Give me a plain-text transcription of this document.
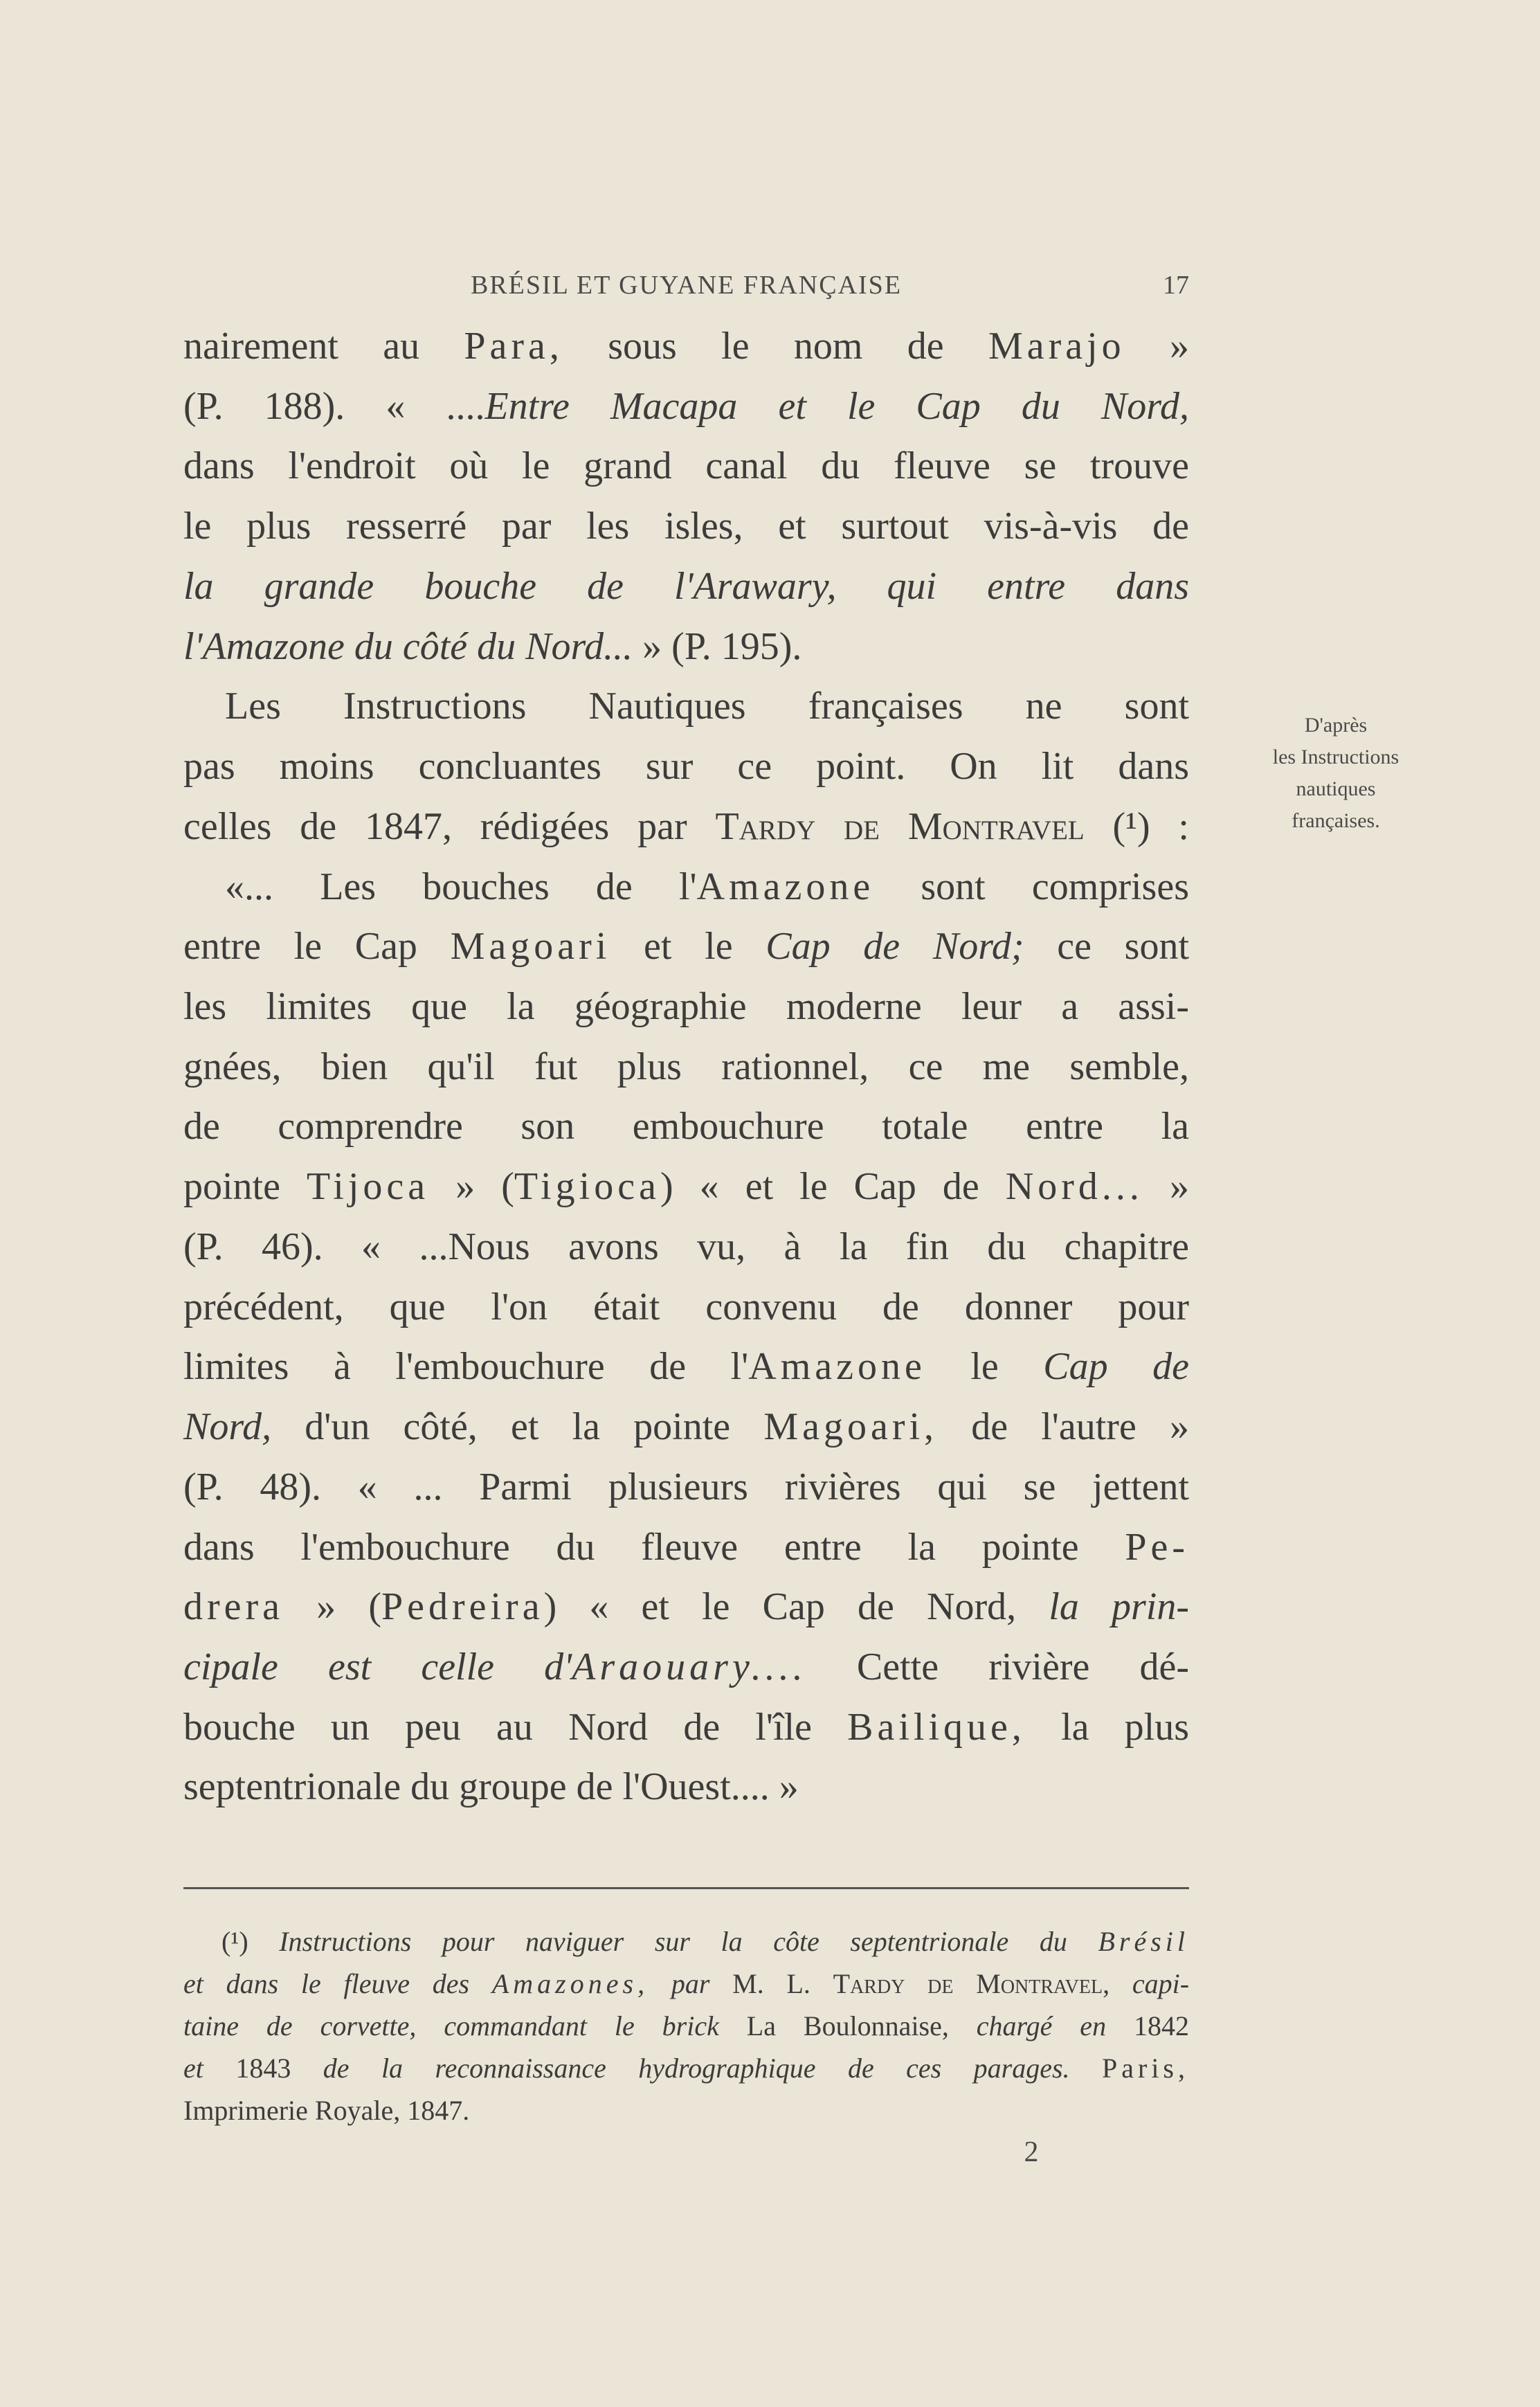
BRÉSIL ET GUYANE FRANÇAISE	17
nairement au Para, sous le nom de Marajo »
(P. 188). « ....Entre Macapa et le Cap du Nord,
dans l'endroit où le grand canal du fleuve se trouve
le plus resserré par les isles, et surtout vis-à-vis de
la grande bouche de l'Arawary, qui entre dans
l'Amazone du côté du Nord... » (P. 195).
Les Instructions Nautiques françaises ne sont
pas moins concluantes sur ce point. On lit dans
celles de 1847, rédigées par Tardy de Montravel (¹) :
«... Les bouches de l'Amazone sont comprises
entre le Cap Magoari et le Cap de Nord; ce sont
les limites que la géographie moderne leur a assi-
gnées, bien qu'il fut plus rationnel, ce me semble,
de comprendre son embouchure totale entre la
pointe Tijoca » (Tigioca) « et le Cap de Nord... »
(P. 46). « ...Nous avons vu, à la fin du chapitre
précédent, que l'on était convenu de donner pour
limites à l'embouchure de l'Amazone le Cap de
Nord, d'un côté, et la pointe Magoari, de l'autre »
(P. 48). « ... Parmi plusieurs rivières qui se jettent
dans l'embouchure du fleuve entre la pointe Pe-
drera » (Pedreira) « et le Cap de Nord, la prin-
cipale est celle d'Araouary.... Cette rivière dé-
bouche un peu au Nord de l'île Bailique, la plus
septentrionale du groupe de l'Ouest.... »
D'après
les Instructions
nautiques
françaises.
(¹) Instructions pour naviguer sur la côte septentrionale du Brésil
et dans le fleuve des Amazones, par M. L. Tardy de Montravel, capi-
taine de corvette, commandant le brick La Boulonnaise, chargé en 1842
et 1843 de la reconnaissance hydrographique de ces parages. Paris,
Imprimerie Royale, 1847.
2
